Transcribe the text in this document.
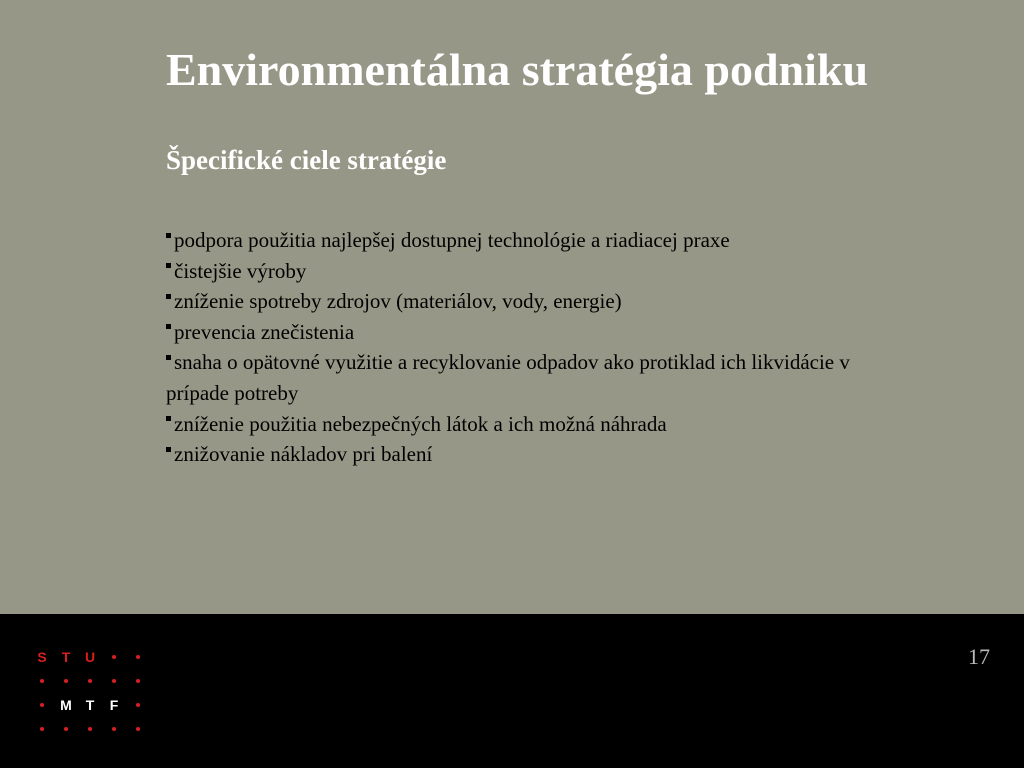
Environmentálna stratégia podniku
Špecifické ciele stratégie
podpora použitia najlepšej dostupnej technológie a riadiacej praxe
čistejšie výroby
zníženie spotreby zdrojov (materiálov, vody, energie)
prevencia znečistenia
snaha o opätovné využitie a recyklovanie odpadov ako protiklad ich likvidácie v prípade potreby
zníženie použitia nebezpečných látok a ich možná náhrada
znižovanie nákladov pri balení
S	T	U
M T	F
17
